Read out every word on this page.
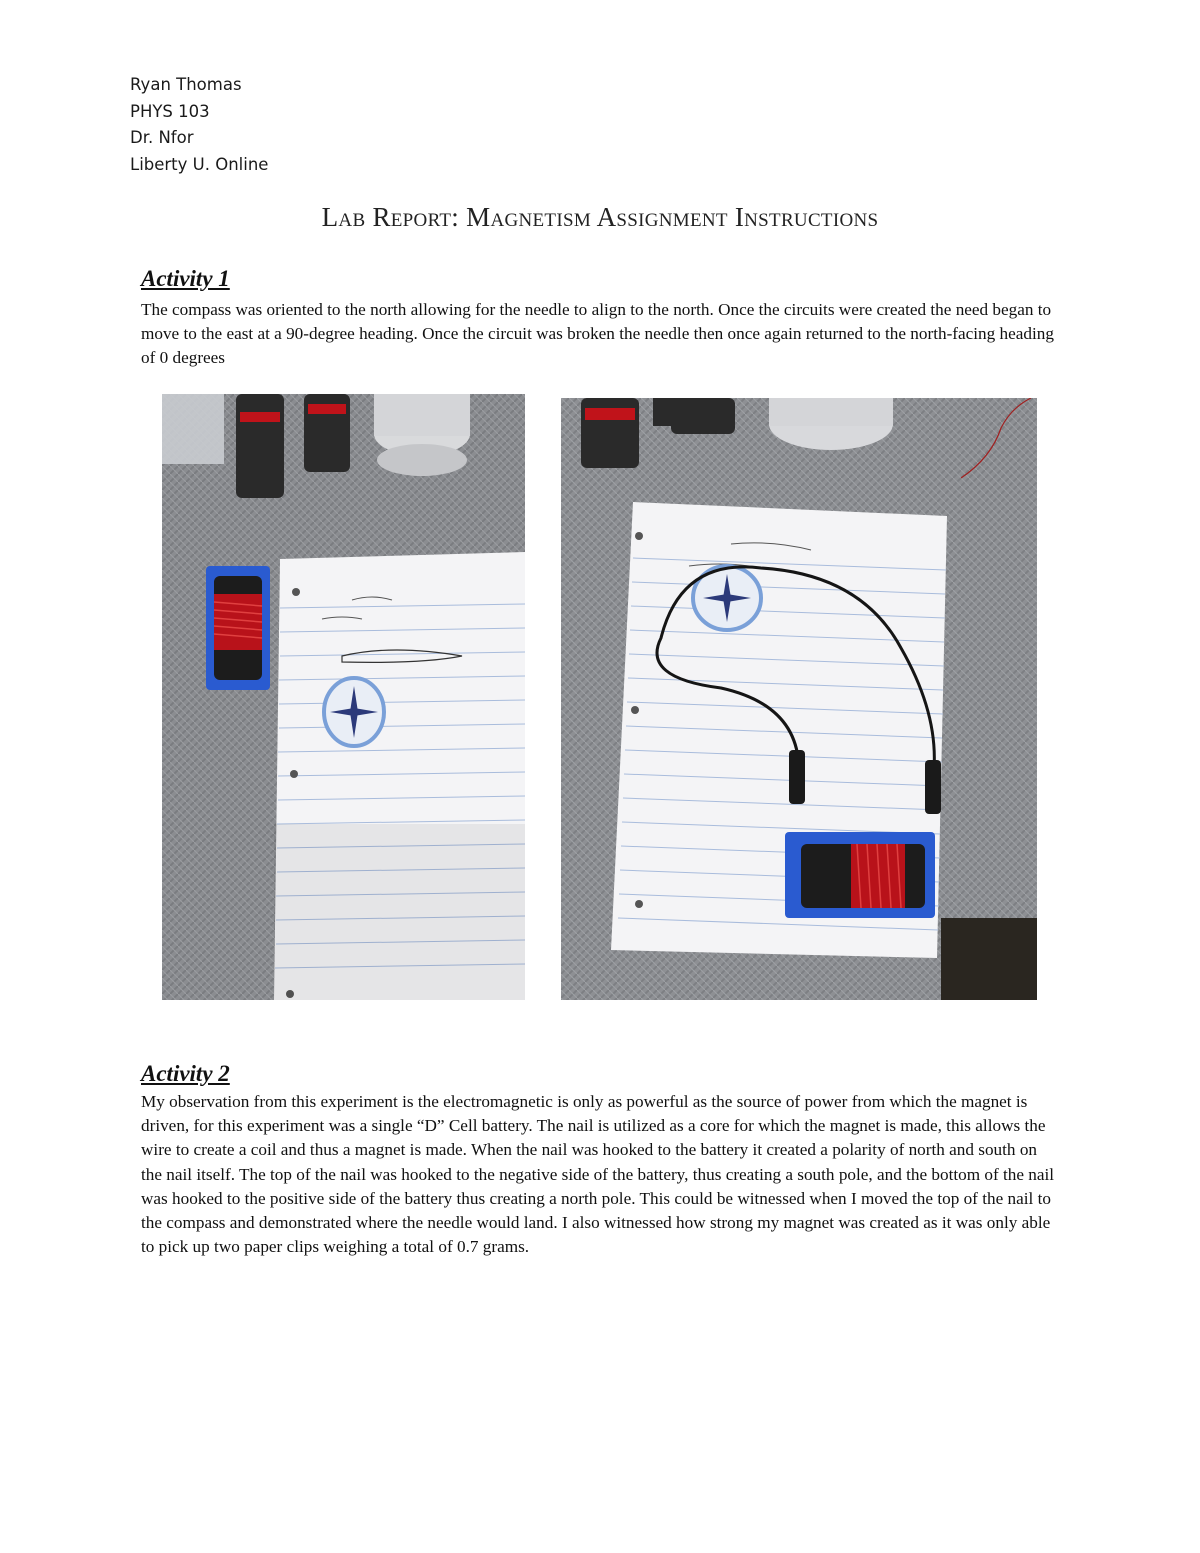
Ryan Thomas
PHYS 103
Dr. Nfor
Liberty U. Online
Lab Report: Magnetism Assignment Instructions
Activity 1
The compass was oriented to the north allowing for the needle to align to the north. Once the circuits were created the need began to move to the east at a 90-degree heading. Once the circuit was broken the needle then once again returned to the north-facing heading of 0 degrees
Activity 2
My observation from this experiment is the electromagnetic is only as powerful as the source of power from which the magnet is driven, for this experiment was a single “D” Cell battery. The nail is utilized as a core for which the magnet is made, this allows the wire to create a coil and thus a magnet is made. When the nail was hooked to the battery it created a polarity of north and south on the nail itself. The top of the nail was hooked to the negative side of the battery, thus creating a south pole, and the bottom of the nail was hooked to the positive side of the battery thus creating a north pole. This could be witnessed when I moved the top of the nail to the compass and demonstrated where the needle would land. I also witnessed how strong my magnet was created as it was only able to pick up two paper clips weighing a total of 0.7 grams.
